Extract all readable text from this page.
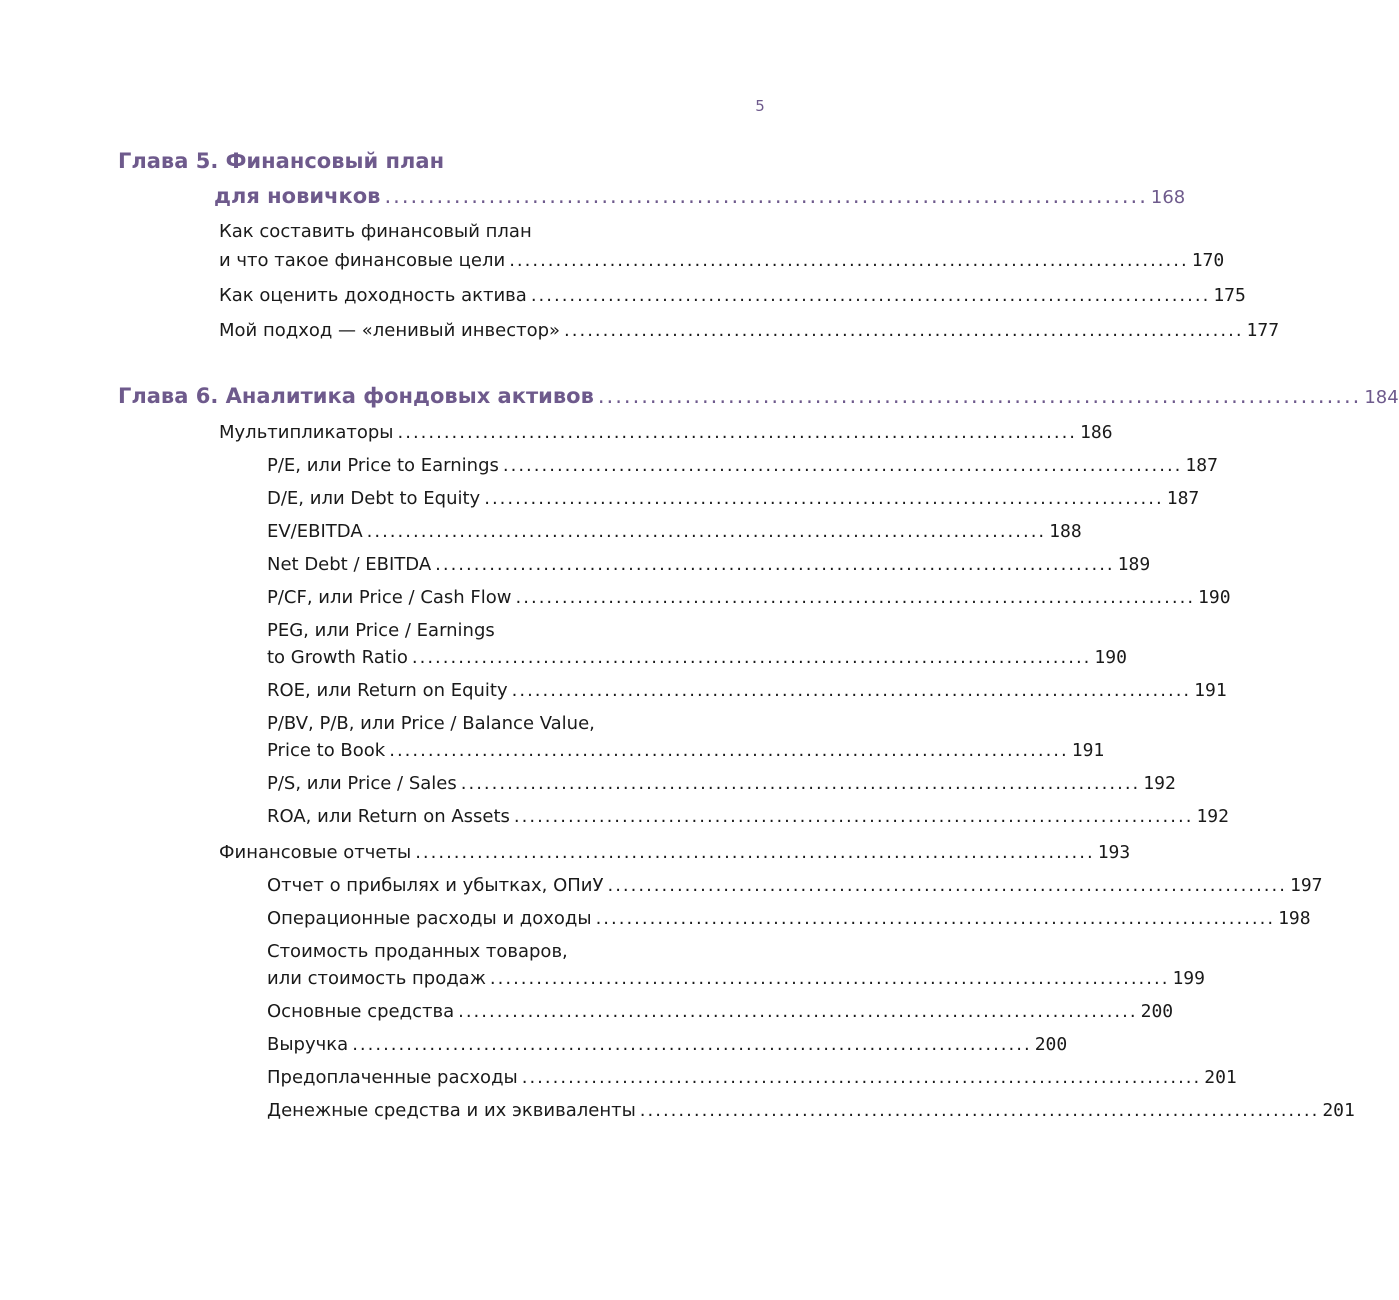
5
Глава 5. Финансовый план
для новичков ........................................................................................ 168
Как составить финансовый план
и что такое финансовые цели ........................................................................................ 170
Как оценить доходность актива ........................................................................................ 175
Мой подход — «ленивый инвестор» ........................................................................................ 177
Глава 6. Аналитика фондовых активов ........................................................................................ 184
Мультипликаторы ........................................................................................ 186
P/E, или Price to Earnings ........................................................................................ 187
D/E, или Debt to Equity ........................................................................................ 187
EV/EBITDA ........................................................................................ 188
Net Debt / EBITDA ........................................................................................ 189
P/CF, или Price / Cash Flow ........................................................................................ 190
PEG, или Price / Earnings
to Growth Ratio ........................................................................................ 190
ROE, или Return on Equity ........................................................................................ 191
P/BV, P/B, или Price / Balance Value,
Price to Book ........................................................................................ 191
P/S, или Price / Sales ........................................................................................ 192
ROA, или Return on Assets ........................................................................................ 192
Финансовые отчеты ........................................................................................ 193
Отчет о прибылях и убытках, ОПиУ ........................................................................................ 197
Операционные расходы и доходы ........................................................................................ 198
Стоимость проданных товаров,
или стоимость продаж ........................................................................................ 199
Основные средства ........................................................................................ 200
Выручка ........................................................................................ 200
Предоплаченные расходы ........................................................................................ 201
Денежные средства и их эквиваленты ........................................................................................ 201
